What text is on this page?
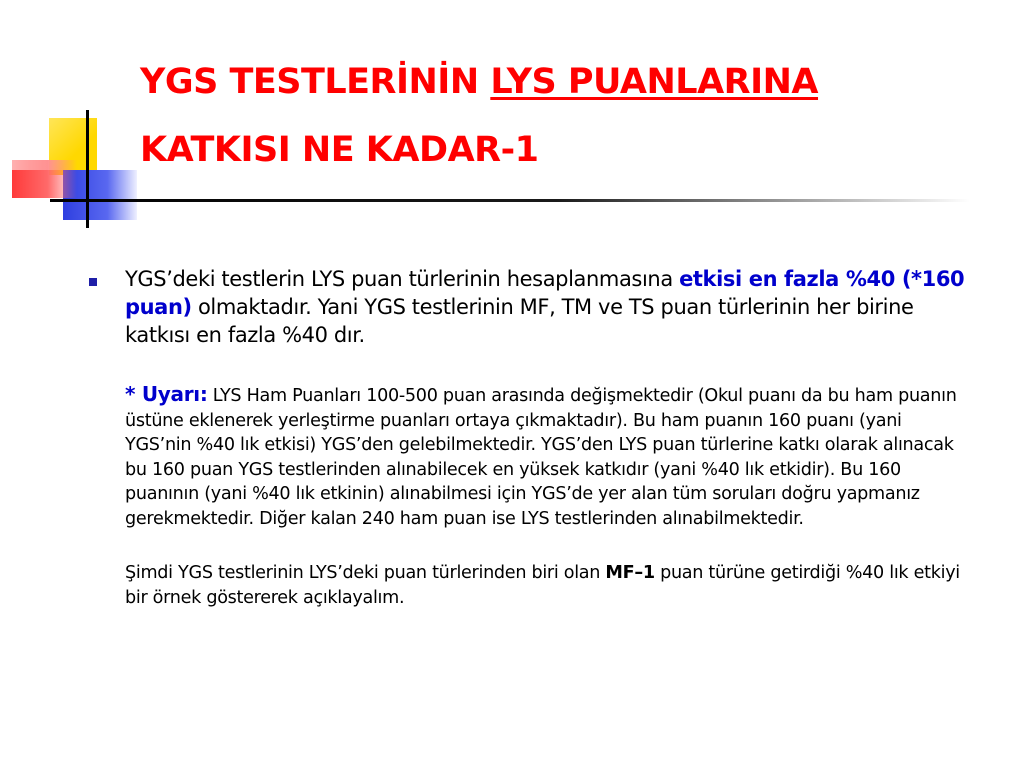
YGS TESTLERİNİN LYS PUANLARINA
KATKISI NE KADAR-1

YGS’deki testlerin LYS puan türlerinin hesaplanmasına etkisi en fazla %40 (*160 puan) olmaktadır. Yani YGS testlerinin MF, TM ve TS puan türlerinin her birine katkısı en fazla %40 dır.

* Uyarı: LYS Ham Puanları 100-500 puan arasında değişmektedir (Okul puanı da bu ham puanın üstüne eklenerek yerleştirme puanları ortaya çıkmaktadır). Bu ham puanın 160 puanı (yani YGS’nin %40 lık etkisi) YGS’den gelebilmektedir. YGS’den LYS puan türlerine katkı olarak alınacak bu 160 puan YGS testlerinden alınabilecek en yüksek katkıdır (yani %40 lık etkidir). Bu 160 puanının (yani %40 lık etkinin) alınabilmesi için YGS’de yer alan tüm soruları doğru yapmanız gerekmektedir. Diğer kalan 240 ham puan ise LYS testlerinden alınabilmektedir.

Şimdi YGS testlerinin LYS’deki puan türlerinden biri olan MF–1 puan türüne getirdiği %40 lık etkiyi bir örnek göstererek açıklayalım.
